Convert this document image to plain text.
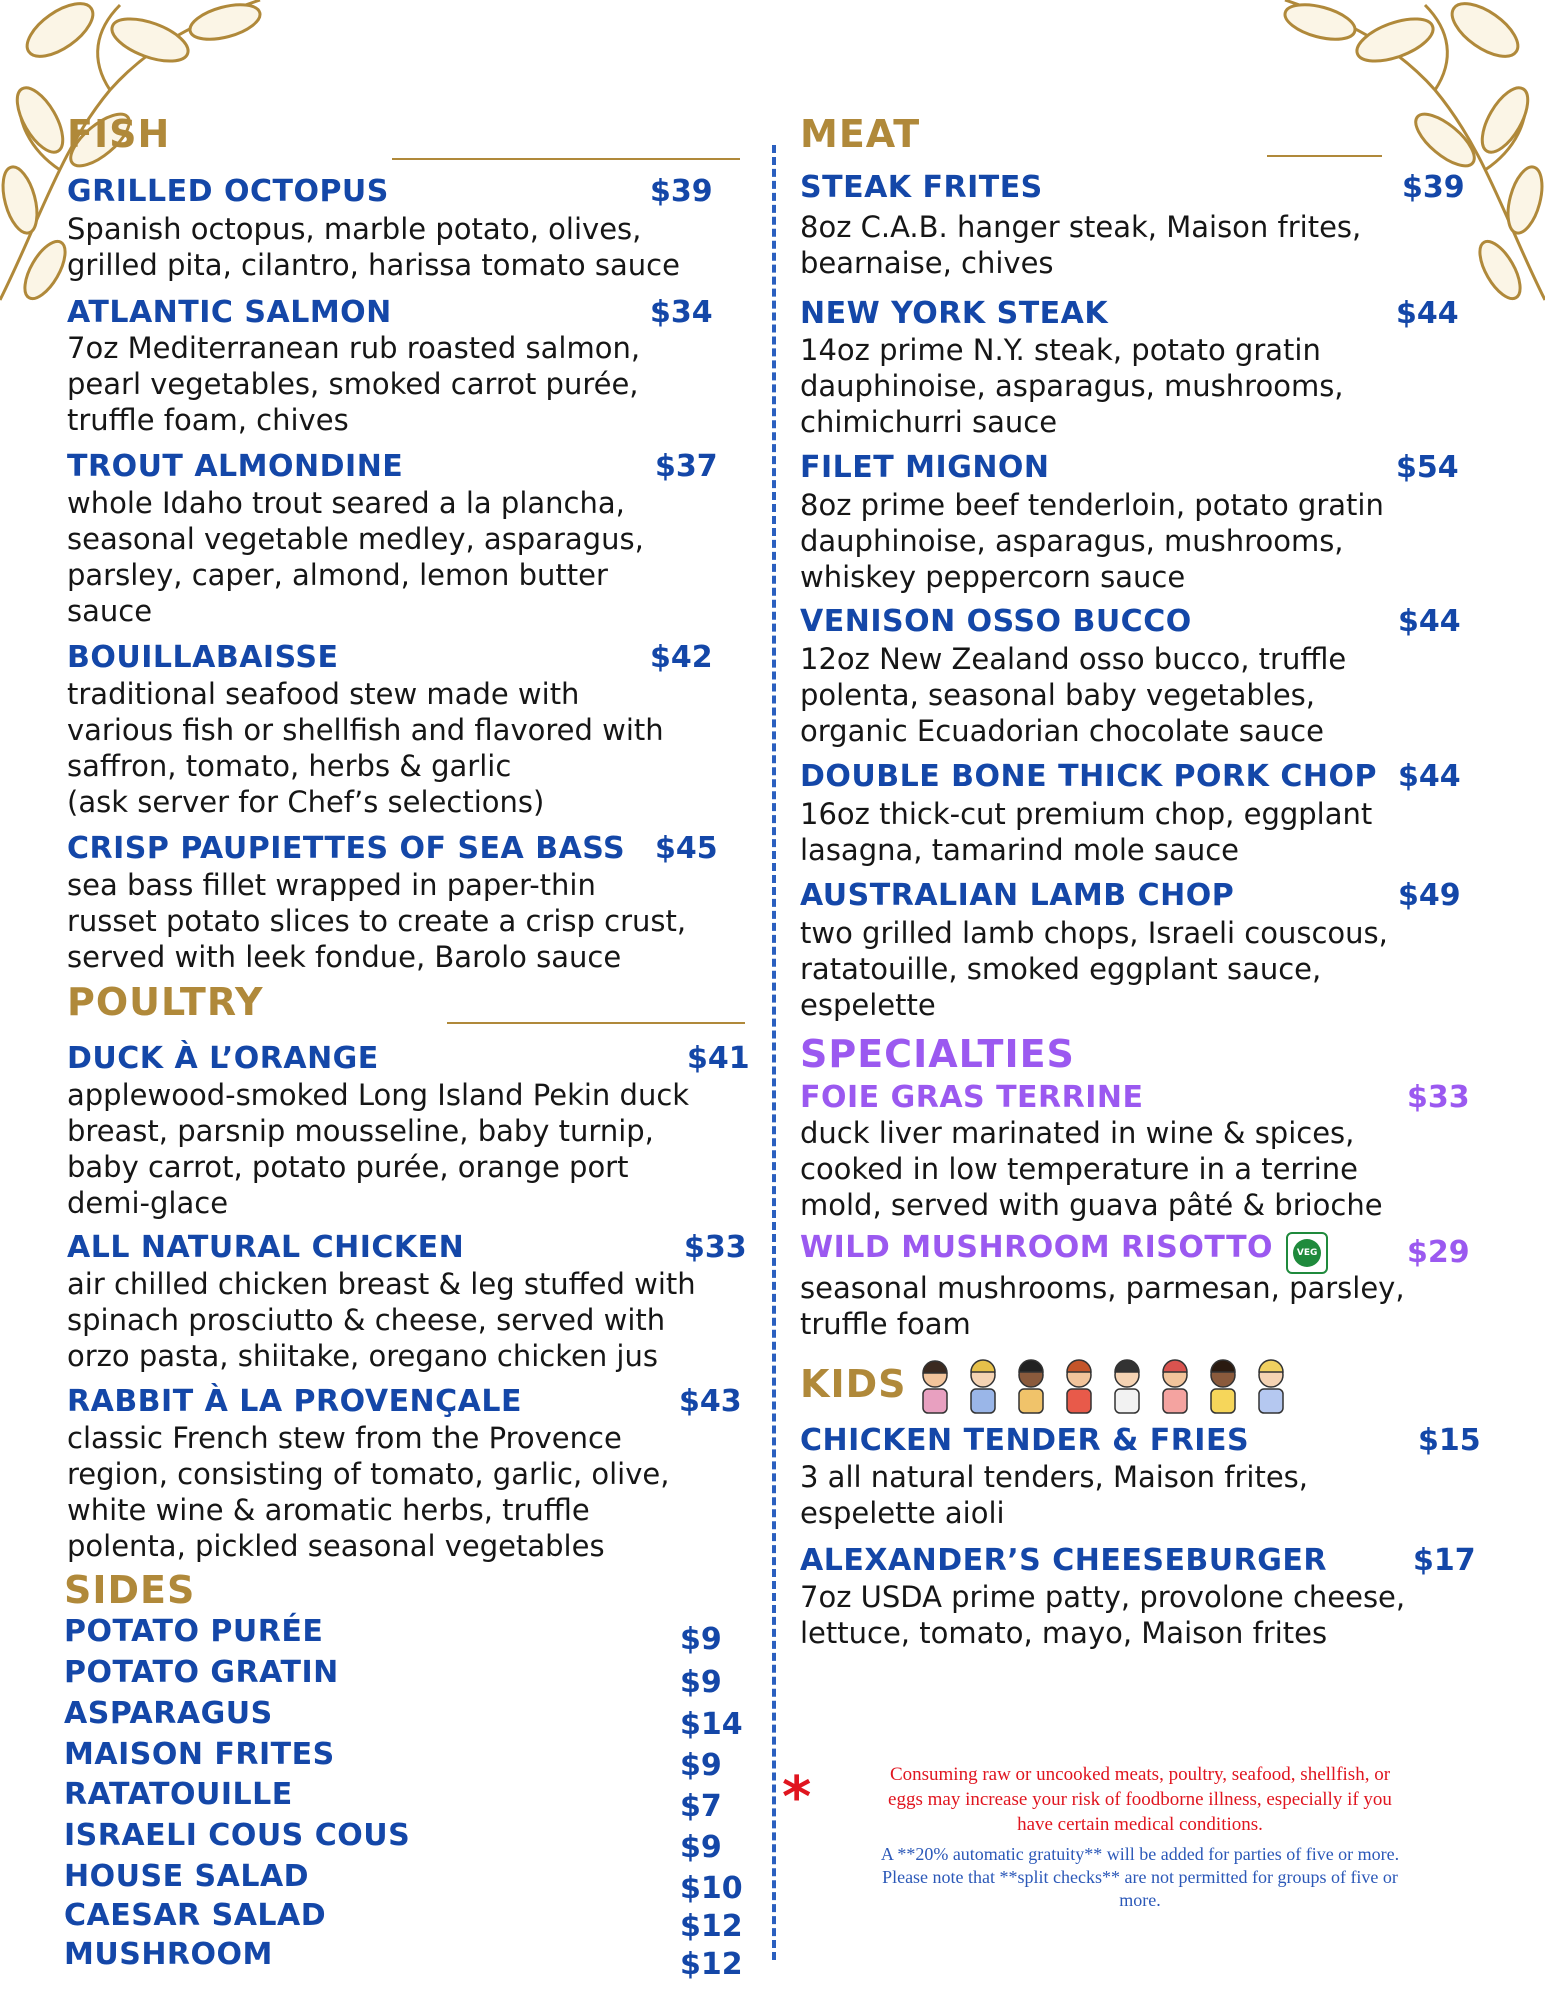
FISH
GRILLED OCTOPUS	$39
Spanish octopus, marble potato, olives,
grilled pita, cilantro, harissa tomato sauce
ATLANTIC SALMON	$34
7oz Mediterranean rub roasted salmon,
pearl vegetables, smoked carrot purée,
truffle foam, chives
TROUT ALMONDINE	$37
whole Idaho trout seared a la plancha,
seasonal vegetable medley, asparagus,
parsley, caper, almond, lemon butter
sauce
BOUILLABAISSE	$42
traditional seafood stew made with
various fish or shellfish and flavored with
saffron, tomato, herbs & garlic
(ask server for Chef’s selections)
CRISP PAUPIETTES OF SEA BASS $45
sea bass fillet wrapped in paper-thin
russet potato slices to create a crisp crust,
served with leek fondue, Barolo sauce
POULTRY
DUCK À L’ORANGE	$41
applewood-smoked Long Island Pekin duck
breast, parsnip mousseline, baby turnip,
baby carrot, potato purée, orange port
demi-glace
ALL NATURAL CHICKEN	$33
air chilled chicken breast & leg stuffed with
spinach prosciutto & cheese, served with
orzo pasta, shiitake, oregano chicken jus
RABBIT À LA PROVENÇALE	$43
classic French stew from the Provence
region, consisting of tomato, garlic, olive,
white wine & aromatic herbs, truffle
polenta, pickled seasonal vegetables
SIDES
POTATO PURÉE	$9
POTATO GRATIN	$9
ASPARAGUS	$14
MAISON FRITES	$9
RATATOUILLE	$7
ISRAELI COUS COUS	$9
HOUSE SALAD	$10
CAESAR SALAD	$12
MUSHROOM	$12
MEAT
STEAK FRITES	$39
8oz C.A.B. hanger steak, Maison frites,
bearnaise, chives
NEW YORK STEAK	$44
14oz prime N.Y. steak, potato gratin
dauphinoise, asparagus, mushrooms,
chimichurri sauce
FILET MIGNON	$54
8oz prime beef tenderloin, potato gratin
dauphinoise, asparagus, mushrooms,
whiskey peppercorn sauce
VENISON OSSO BUCCO	$44
12oz New Zealand osso bucco, truffle
polenta, seasonal baby vegetables,
organic Ecuadorian chocolate sauce
DOUBLE BONE THICK PORK CHOP $44
16oz thick-cut premium chop, eggplant
lasagna, tamarind mole sauce
AUSTRALIAN LAMB CHOP	$49
two grilled lamb chops, Israeli couscous,
ratatouille, smoked eggplant sauce,
espelette
SPECIALTIES
FOIE GRAS TERRINE	$33
duck liver marinated in wine & spices,
cooked in low temperature in a terrine
mold, served with guava pâté & brioche
WILD MUSHROOM RISOTTO	VEG	$29
seasonal mushrooms, parmesan, parsley,
truffle foam
KIDS
CHICKEN TENDER & FRIES	$15
3 all natural tenders, Maison frites,
espelette aioli
ALEXANDER’S CHEESEBURGER	$17
7oz USDA prime patty, provolone cheese,
lettuce, tomato, mayo, Maison frites
*	Consuming raw or uncooked meats, poultry, seafood, shellfish, or
eggs may increase your risk of foodborne illness, especially if you
have certain medical conditions.
A **20% automatic gratuity** will be added for parties of five or more.
Please note that **split checks** are not permitted for groups of five or
more.
